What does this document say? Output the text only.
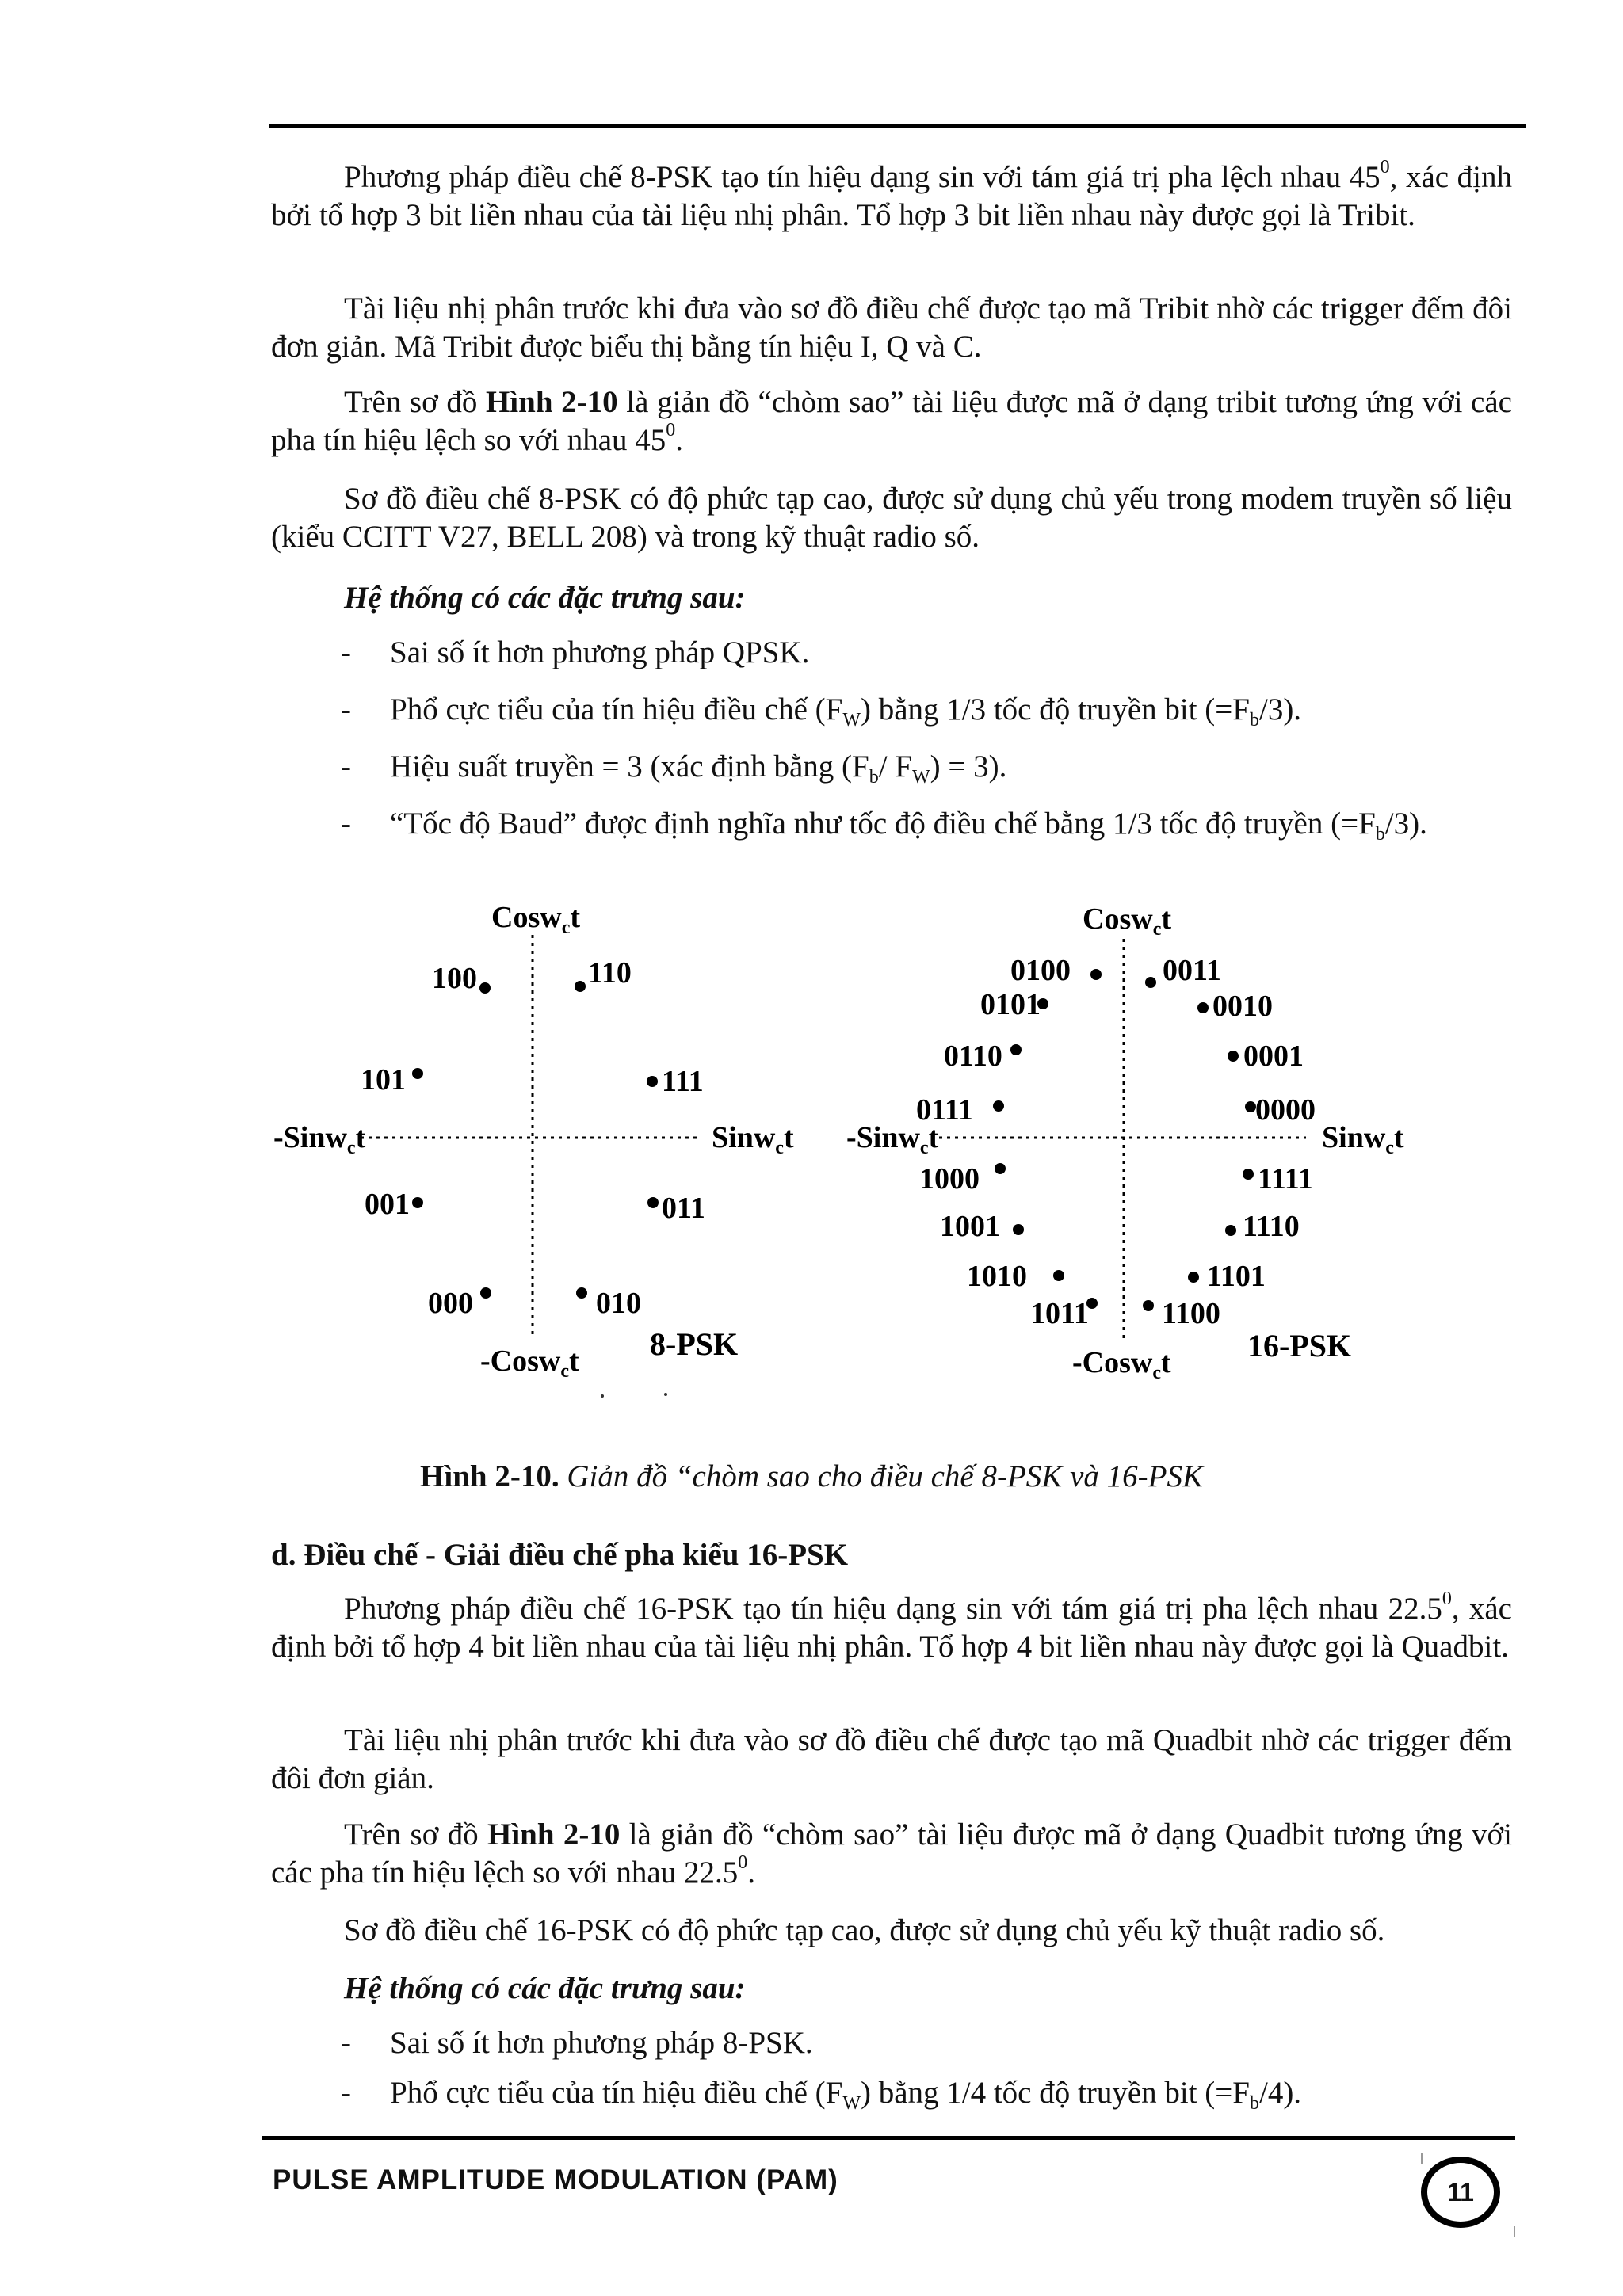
Phương pháp điều chế 8-PSK tạo tín hiệu dạng sin với tám giá trị pha lệch nhau $45^0$, xác định bởi tổ hợp 3 bit liền nhau của tài liệu nhị phân. Tổ hợp 3 bit liền nhau này được gọi là Tribit.

Tài liệu nhị phân trước khi đưa vào sơ đồ điều chế được tạo mã Tribit nhờ các trigger đếm đôi đơn giản. Mã Tribit được biểu thị bằng tín hiệu I, Q và C.

Trên sơ đồ Hình 2-10 là giản đồ “chòm sao” tài liệu được mã ở dạng tribit tương ứng với các pha tín hiệu lệch so với nhau $45^0$.

Sơ đồ điều chế 8-PSK có độ phức tạp cao, được sử dụng chủ yếu trong modem truyền số liệu (kiểu CCITT V27, BELL 208) và trong kỹ thuật radio số.

Hệ thống có các đặc trưng sau:

- Sai số ít hơn phương pháp QPSK.
- Phổ cực tiểu của tín hiệu điều chế $(F_W)$ bằng 1/3 tốc độ truyền bit $(=F_b/3)$.
- Hiệu suất truyền = 3 (xác định bằng ($F_b/$ $F_W) = 3$).
- “Tốc độ Baud” được định nghĩa như tốc độ điều chế bằng 1/3 tốc độ truyền $(=F_b/3)$.
Cosw$_c$t
-Cosw$_c$t
-Sinw$_c$t	Sinw$_c$t
8-PSK
100	110
101	111
001	011
000	010
Cosw$_c$t
-Cosw$_c$t
-Sinw$_c$t	Sinw$_c$t
16-PSK
0100	0011
0101	0010
0110	0001
0111	0000
1000	1111
1001	1110
1010	1101
1011 1100
Hình 2-10. Giản đồ “chòm sao cho điều chế 8-PSK và 16-PSK

d. Điều chế - Giải điều chế pha kiểu 16-PSK

Phương pháp điều chế 16-PSK tạo tín hiệu dạng sin với tám giá trị pha lệch nhau 22.5$^0$, xác định bởi tổ hợp 4 bit liền nhau của tài liệu nhị phân. Tổ hợp 4 bit liền nhau này được gọi là Quadbit.

Tài liệu nhị phân trước khi đưa vào sơ đồ điều chế được tạo mã Quadbit nhờ các trigger đếm đôi đơn giản.

Trên sơ đồ Hình 2-10 là giản đồ “chòm sao” tài liệu được mã ở dạng Quadbit tương ứng với các pha tín hiệu lệch so với nhau 22.5$^0$.

Sơ đồ điều chế 16-PSK có độ phức tạp cao, được sử dụng chủ yếu kỹ thuật radio số.

Hệ thống có các đặc trưng sau:

- Sai số ít hơn phương pháp 8-PSK.
- Phổ cực tiểu của tín hiệu điều chế $(F_W)$ bằng 1/4 tốc độ truyền bit $(=F_b/4)$.
PULSE AMPLITUDE MODULATION (PAM)	11
